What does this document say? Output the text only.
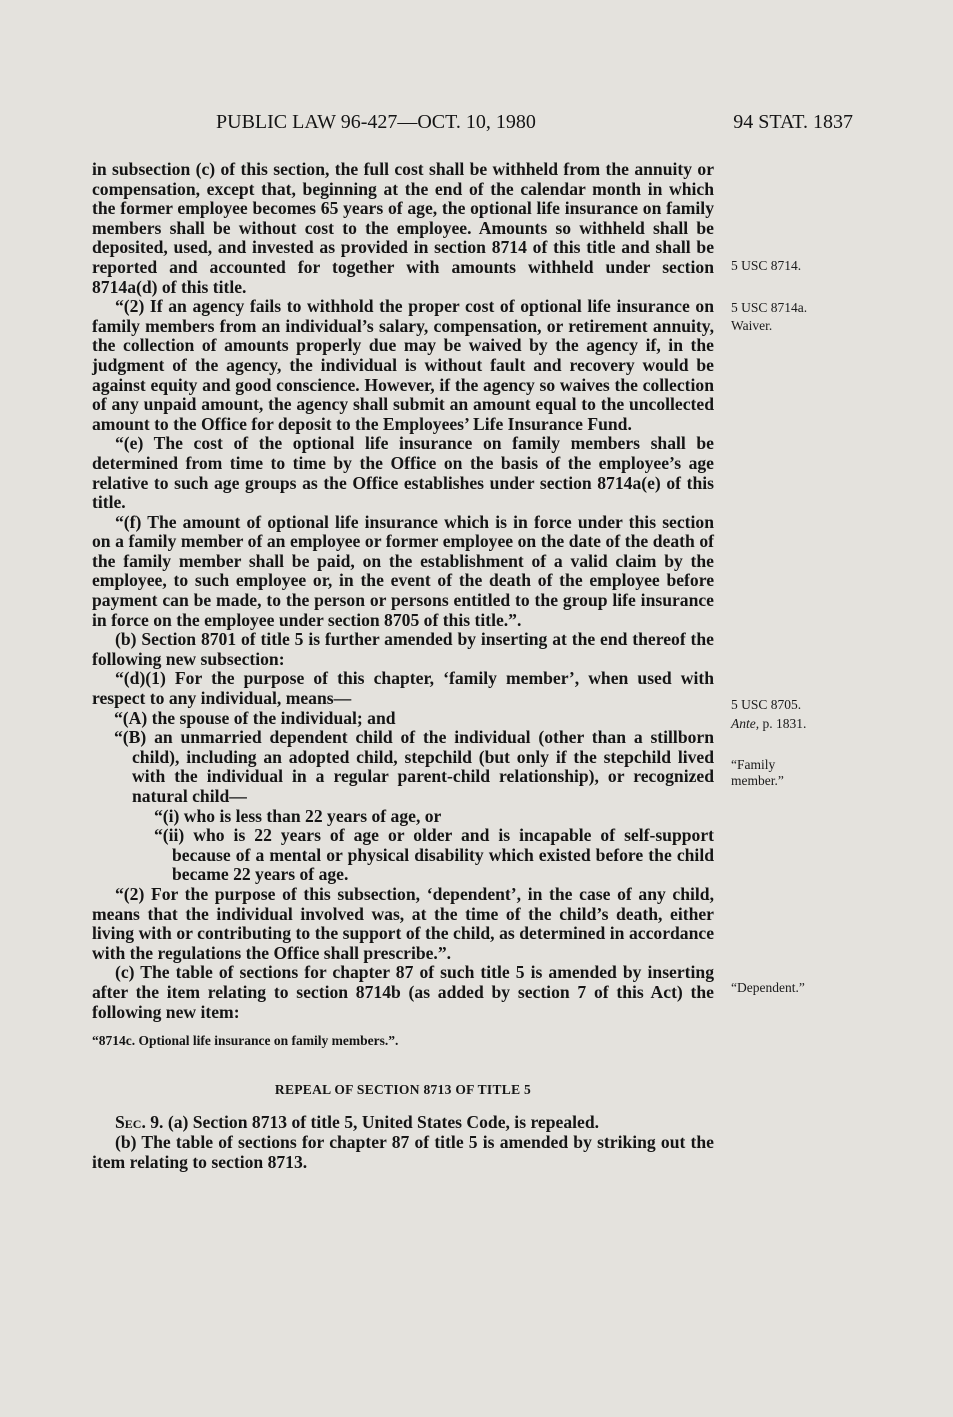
PUBLIC LAW 96-427—OCT. 10, 1980	94 STAT. 1837

in subsection (c) of this section, the full cost shall be withheld from the annuity or compensation, except that, beginning at the end of the calendar month in which the former employee becomes 65 years of age, the optional life insurance on family members shall be without cost to the employee. Amounts so withheld shall be deposited, used, and invested as provided in section 8714 of this title and shall be reported and accounted for together with amounts withheld under section 8714a(d) of this title.

“(2) If an agency fails to withhold the proper cost of optional life insurance on family members from an individual’s salary, compensation, or retirement annuity, the collection of amounts properly due may be waived by the agency if, in the judgment of the agency, the individual is without fault and recovery would be against equity and good conscience. However, if the agency so waives the collection of any unpaid amount, the agency shall submit an amount equal to the uncollected amount to the Office for deposit to the Employees’ Life Insurance Fund.

“(e) The cost of the optional life insurance on family members shall be determined from time to time by the Office on the basis of the employee’s age relative to such age groups as the Office establishes under section 8714a(e) of this title.

“(f) The amount of optional life insurance which is in force under this section on a family member of an employee or former employee on the date of the death of the family member shall be paid, on the establishment of a valid claim by the employee, to such employee or, in the event of the death of the employee before payment can be made, to the person or persons entitled to the group life insurance in force on the employee under section 8705 of this title.”.

(b) Section 8701 of title 5 is further amended by inserting at the end thereof the following new subsection:

“(d)(1) For the purpose of this chapter, ‘family member’, when used with respect to any individual, means—

“(A) the spouse of the individual; and

“(B) an unmarried dependent child of the individual (other than a stillborn child), including an adopted child, stepchild (but only if the stepchild lived with the individual in a regular parent-child relationship), or recognized natural child—

“(i) who is less than 22 years of age, or

“(ii) who is 22 years of age or older and is incapable of self-support because of a mental or physical disability which existed before the child became 22 years of age.

“(2) For the purpose of this subsection, ‘dependent’, in the case of any child, means that the individual involved was, at the time of the child’s death, either living with or contributing to the support of the child, as determined in accordance with the regulations the Office shall prescribe.”.

(c) The table of sections for chapter 87 of such title 5 is amended by inserting after the item relating to section 8714b (as added by section 7 of this Act) the following new item:

“8714c. Optional life insurance on family members.”.

REPEAL OF SECTION 8713 OF TITLE 5

Sec. 9. (a) Section 8713 of title 5, United States Code, is repealed.

(b) The table of sections for chapter 87 of title 5 is amended by striking out the item relating to section 8713.

5 USC 8714.
5 USC 8714a.
Waiver.
5 USC 8705.
Ante, p. 1831.
“Family member.”
“Dependent.”
